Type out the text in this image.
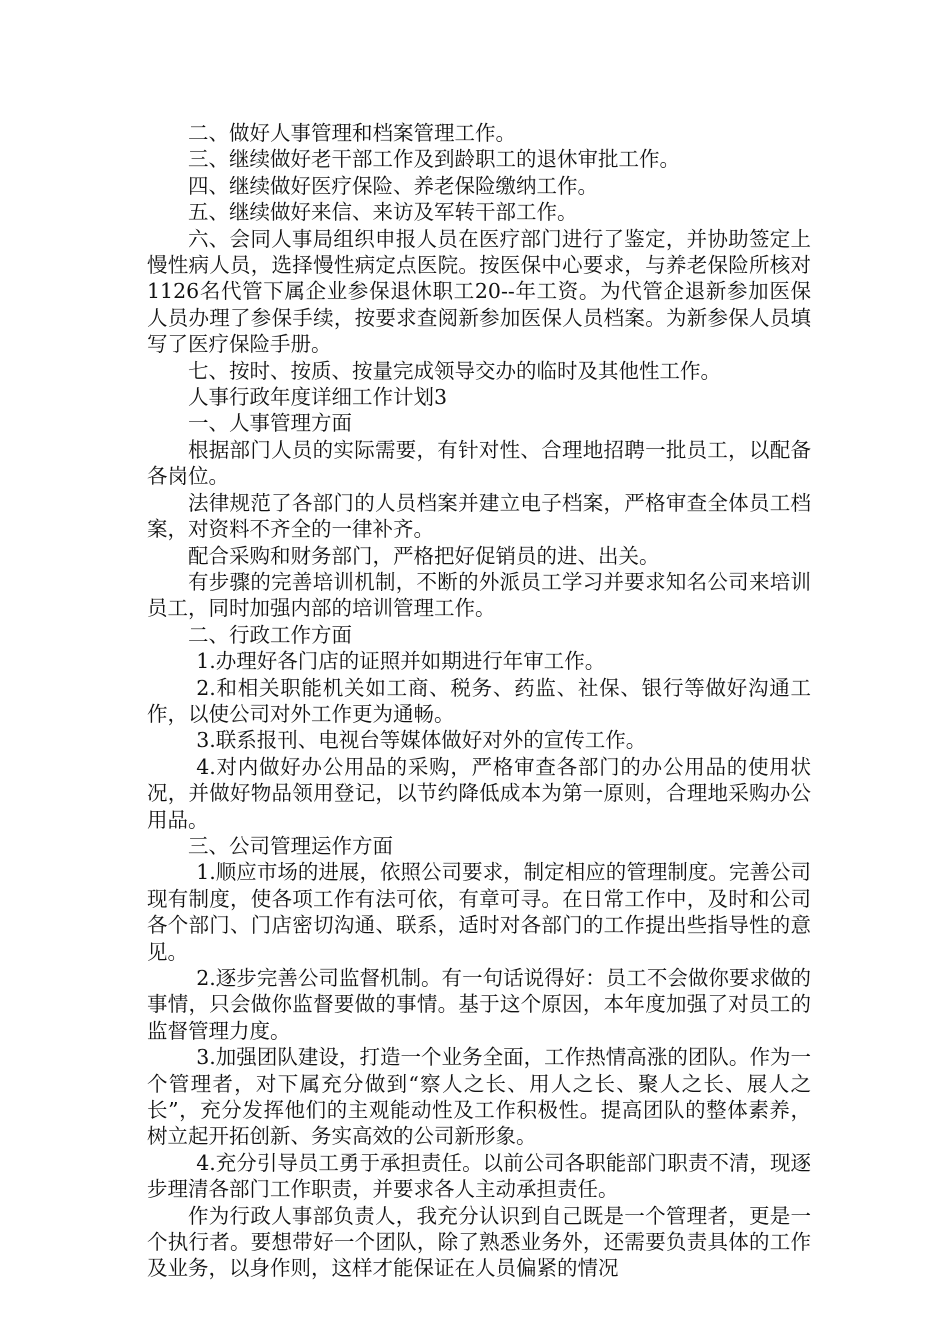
二、做好人事管理和档案管理工作。

三、继续做好老干部工作及到龄职工的退休审批工作。

四、继续做好医疗保险、养老保险缴纳工作。

五、继续做好来信、来访及军转干部工作。

六、会同人事局组织申报人员在医疗部门进行了鉴定，并协助签定上慢性病人员，选择慢性病定点医院。按医保中心要求，与养老保险所核对1126名代管下属企业参保退休职工20--年工资。为代管企退新参加医保人员办理了参保手续，按要求查阅新参加医保人员档案。为新参保人员填写了医疗保险手册。

七、按时、按质、按量完成领导交办的临时及其他性工作。

人事行政年度详细工作计划3

一、人事管理方面

根据部门人员的实际需要，有针对性、合理地招聘一批员工，以配备各岗位。

法律规范了各部门的人员档案并建立电子档案，严格审查全体员工档案，对资料不齐全的一律补齐。

配合采购和财务部门，严格把好促销员的进、出关。

有步骤的完善培训机制，不断的外派员工学习并要求知名公司来培训员工，同时加强内部的培训管理工作。

二、行政工作方面

1.办理好各门店的证照并如期进行年审工作。

2.和相关职能机关如工商、税务、药监、社保、银行等做好沟通工作，以使公司对外工作更为通畅。

3.联系报刊、电视台等媒体做好对外的宣传工作。

4.对内做好办公用品的采购，严格审查各部门的办公用品的使用状况，并做好物品领用登记，以节约降低成本为第一原则，合理地采购办公用品。

三、公司管理运作方面

1.顺应市场的进展，依照公司要求，制定相应的管理制度。完善公司现有制度，使各项工作有法可依，有章可寻。在日常工作中，及时和公司各个部门、门店密切沟通、联系，适时对各部门的工作提出些指导性的意见。

2.逐步完善公司监督机制。有一句话说得好：员工不会做你要求做的事情，只会做你监督要做的事情。基于这个原因，本年度加强了对员工的监督管理力度。

3.加强团队建设，打造一个业务全面，工作热情高涨的团队。作为一个管理者，对下属充分做到“察人之长、用人之长、聚人之长、展人之长”，充分发挥他们的主观能动性及工作积极性。提高团队的整体素养，树立起开拓创新、务实高效的公司新形象。

4.充分引导员工勇于承担责任。以前公司各职能部门职责不清，现逐步理清各部门工作职责，并要求各人主动承担责任。

作为行政人事部负责人，我充分认识到自己既是一个管理者，更是一个执行者。要想带好一个团队，除了熟悉业务外，还需要负责具体的工作及业务，以身作则，这样才能保证在人员偏紧的情况
